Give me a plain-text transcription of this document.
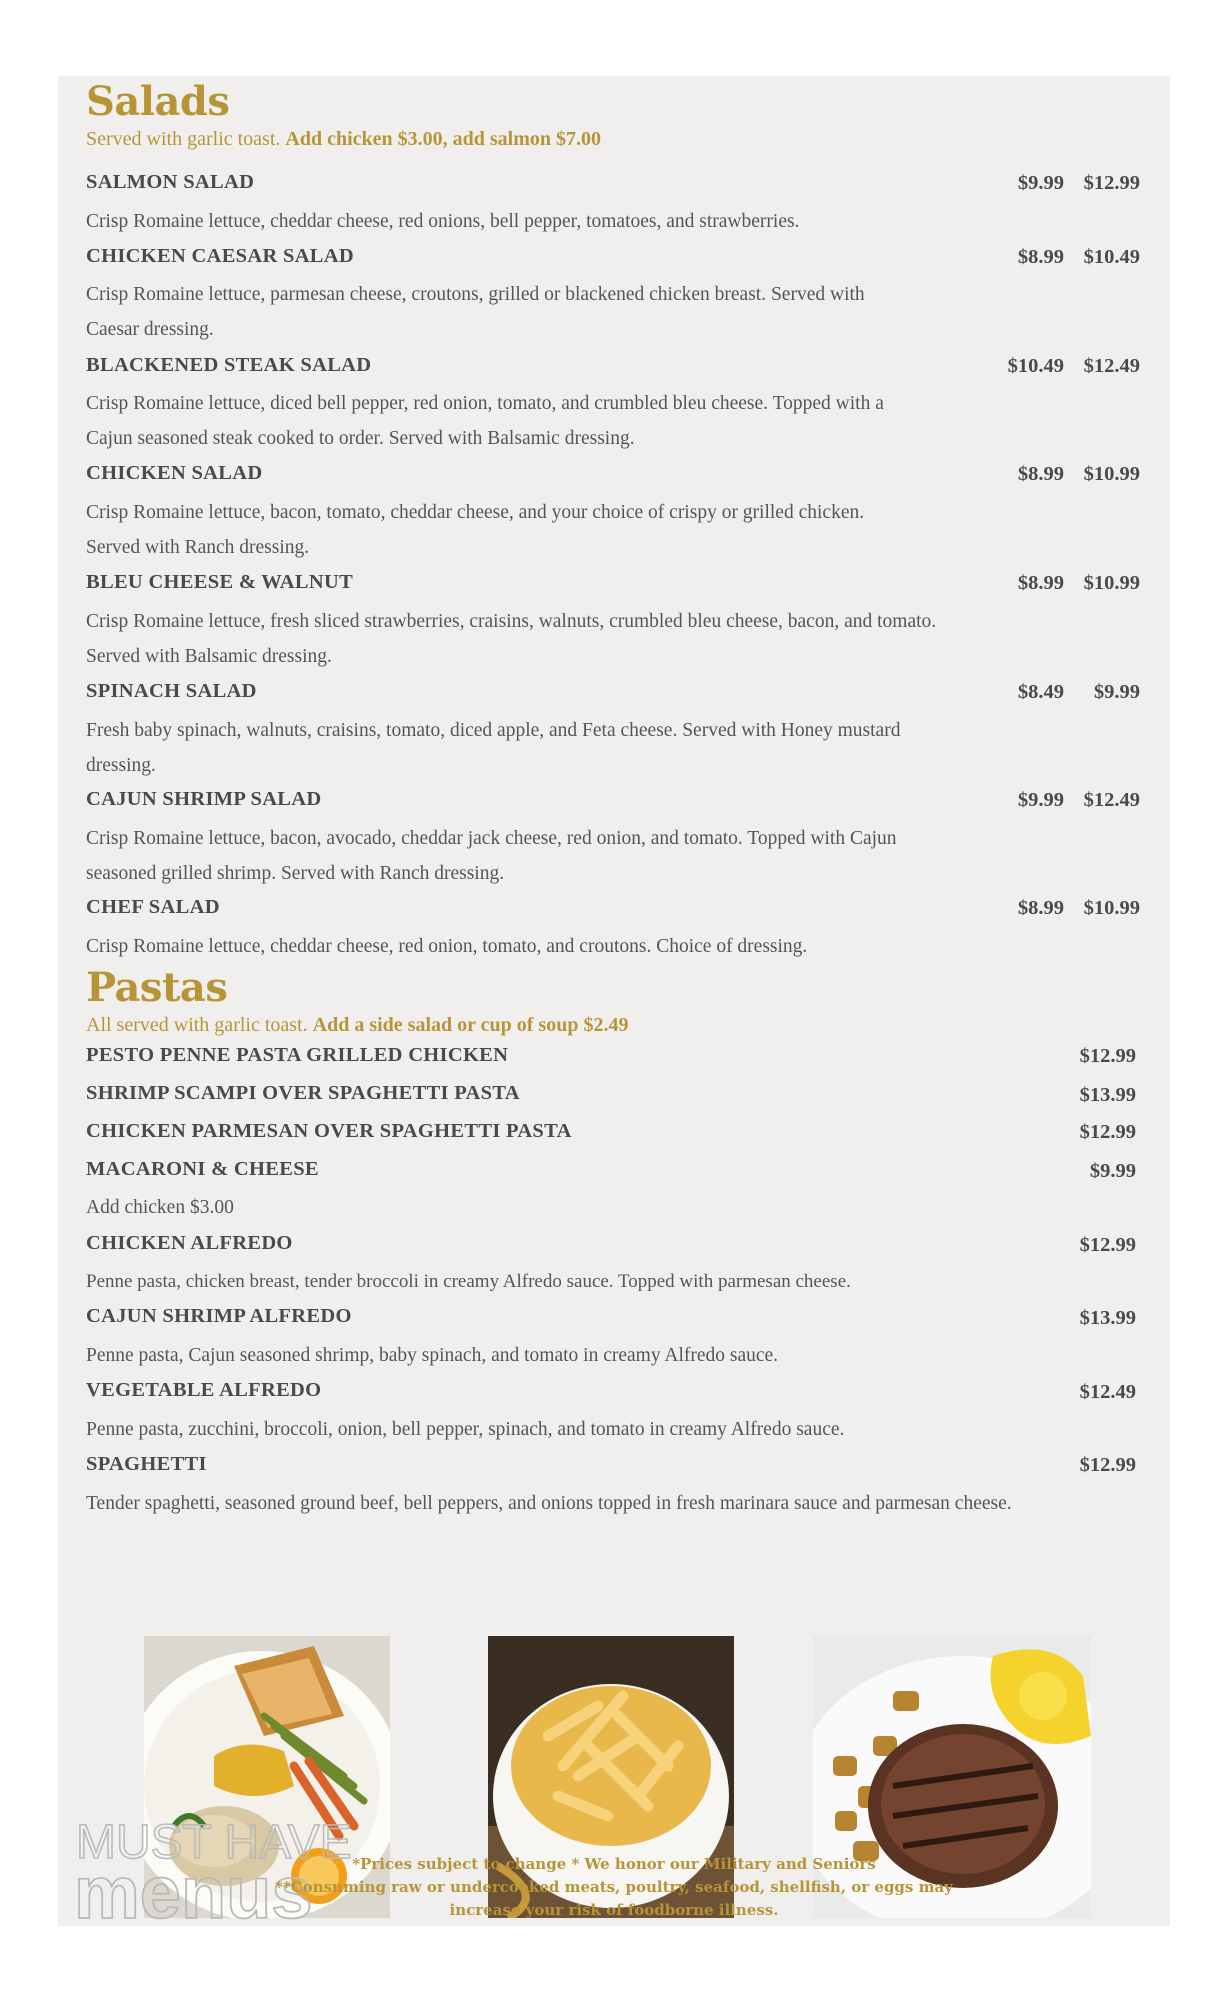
Salads
Served with garlic toast. Add chicken $3.00, add salmon $7.00
SALMON SALAD	$9.99 $12.99
Crisp Romaine lettuce, cheddar cheese, red onions, bell pepper, tomatoes, and strawberries.
CHICKEN CAESAR SALAD	$8.99 $10.49
Crisp Romaine lettuce, parmesan cheese, croutons, grilled or blackened chicken breast. Served with Caesar dressing.
BLACKENED STEAK SALAD	$10.49 $12.49
Crisp Romaine lettuce, diced bell pepper, red onion, tomato, and crumbled bleu cheese. Topped with a Cajun seasoned steak cooked to order. Served with Balsamic dressing.
CHICKEN SALAD	$8.99 $10.99
Crisp Romaine lettuce, bacon, tomato, cheddar cheese, and your choice of crispy or grilled chicken. Served with Ranch dressing.
BLEU CHEESE & WALNUT	$8.99 $10.99
Crisp Romaine lettuce, fresh sliced strawberries, craisins, walnuts, crumbled bleu cheese, bacon, and tomato. Served with Balsamic dressing.
SPINACH SALAD	$8.49	$9.99
Fresh baby spinach, walnuts, craisins, tomato, diced apple, and Feta cheese. Served with Honey mustard dressing.
CAJUN SHRIMP SALAD	$9.99 $12.49
Crisp Romaine lettuce, bacon, avocado, cheddar jack cheese, red onion, and tomato. Topped with Cajun seasoned grilled shrimp. Served with Ranch dressing.
CHEF SALAD	$8.99 $10.99
Crisp Romaine lettuce, cheddar cheese, red onion, tomato, and croutons. Choice of dressing.
Pastas
All served with garlic toast. Add a side salad or cup of soup $2.49
PESTO PENNE PASTA GRILLED CHICKEN	$12.99
SHRIMP SCAMPI OVER SPAGHETTI PASTA	$13.99
CHICKEN PARMESAN OVER SPAGHETTI PASTA	$12.99
MACARONI & CHEESE	$9.99
Add chicken $3.00
CHICKEN ALFREDO	$12.99
Penne pasta, chicken breast, tender broccoli in creamy Alfredo sauce. Topped with parmesan cheese.
CAJUN SHRIMP ALFREDO	$13.99
Penne pasta, Cajun seasoned shrimp, baby spinach, and tomato in creamy Alfredo sauce.
VEGETABLE ALFREDO	$12.49
Penne pasta, zucchini, broccoli, onion, bell pepper, spinach, and tomato in creamy Alfredo sauce.
SPAGHETTI	$12.99
Tender spaghetti, seasoned ground beef, bell peppers, and onions topped in fresh marinara sauce and parmesan cheese.
MUST HAVE
menus	*Prices subject to change * We honor our Military and Seniors
**Consuming raw or undercooked meats, poultry, seafood, shellfish, or eggs may
increase your risk of foodborne illness.
